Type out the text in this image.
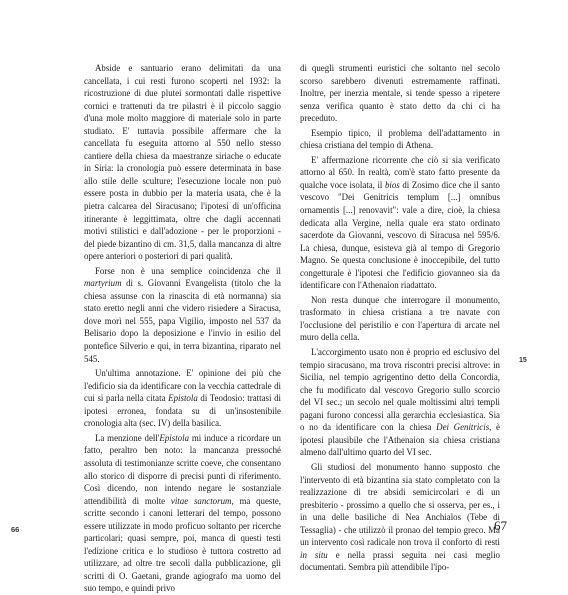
Abside e santuario erano delimitati da una cancellata, i cui resti furono scoperti nel 1932: la ricostruzione di due plutei sormontati dalle rispettive cornici e trattenuti da tre pilastri è il piccolo saggio d'una mole molto maggiore di materiale solo in parte studiato. E' tuttavia possibile affermare che la cancellata fu eseguita attorno al 550 nello stesso cantiere della chiesa da maestranze siriache o educate in Siria: la cronologia può essere determinata in base allo stile delle sculture; l'esecuzione locale non può essere posta in dubbio per la materia usata, che è la pietra calcarea del Siracusano; l'ipotesi di un'officina itinerante è leggittimata, oltre che dagli accennati motivi stilistici e dall'adozione - per le proporzioni - del piede bizantino di cm. 31,5, dalla mancanza di altre opere anteriori o posteriori di pari qualità.

Forse non è una semplice coincidenza che il martyrium di s. Giovanni Evangelista (titolo che la chiesa assunse con la rinascita di età normanna) sia stato eretto negli anni che videro risiedere a Siracusa, dove morì nel 555, papa Vigilio, imposto nel 537 da Belisario dopo la deposizione e l'invio in esilio del pontefice Silverio e qui, in terra bizantina, riparato nel 545.

Un'ultima annotazione. E' opinione dei più che l'edificio sia da identificare con la vecchia cattedrale di cui si parla nella citata Epistola di Teodosio: trattasi di ipotesi erronea, fondata su di un'insostenibile cronologia alta (sec. IV) della basilica.

La menzione dell'Epistola mi induce a ricordare un fatto, peraltro ben noto: la mancanza pressoché assoluta di testimonianze scritte coeve, che consentano allo storico di disporre di precisi punti di riferimento. Così dicendo, non intendo negare le sostanziale attendibilità di molte vitae sanctorum, ma queste, scritte secondo i canoni letterari del tempo, possono essere utilizzate in modo proficuo soltanto per ricerche particolari; quasi sempre, poi, manca di questi testi l'edizione critica e lo studioso è tuttora costretto ad utilizzare, ad oltre tre secoli dalla pubblicazione, gli scritti di O. Gaetani, grande agiografo ma uomo del suo tempo, e quindi privo

di quegli strumenti euristici che soltanto nel secolo scorso sarebbero divenuti estremamente raffinati. Inoltre, per inerzia mentale, si tende spesso a ripetere senza verifica quanto è stato detto da chi ci ha preceduto.

Esempio tipico, il problema dell'adattamento in chiesa cristiana del tempio di Athena.

E' affermazione ricorrente che ciò si sia verificato attorno al 650. In realtà, com'è stato fatto presente da qualche voce isolata, il bios di Zosimo dice che il santo vescovo "Dei Genitricis templum [...] omnibus ornamentis [...] renovavit": vale a dire, cioè, la chiesa dedicata alla Vergine, nella quale era stato ordinato sacerdote da Giovanni, vescovo di Siracusa nel 595/6. La chiesa, dunque, esisteva già al tempo di Gregorio Magno. Se questa conclusione è inoccepibile, del tutto congetturale è l'ipotesi che l'edificio giovanneo sia da identificare con l'Athenaion riadattato.

Non resta dunque che interrogare il monumento, trasformato in chiesa cristiana a tre navate con l'occlusione del peristilio e con l'apertura di arcate nel muro della cella.

L'accorgimento usato non è proprio ed esclusivo del tempio siracusano, ma trova riscontri precisi altrove: in Sicilia, nel tempio agrigentino detto della Concordia, che fu modificato dal vescovo Gregorio sullo scorcio del VI sec.; un secolo nel quale moltissimi altri templi pagani furono concessi alla gerarchia ecclesiastica. Sia o no da identificare con la chiesa Dei Genitricis, è ipotesi plausibile che l'Athenaion sia chiesa cristiana almeno dall'ultimo quarto del VI sec.

Gli studiosi del monumento hanno supposto che l'intervento di età bizantina sia stato completato con la realizzazione di tre absidi semicircolari e di un presbiterio - prossimo a quello che si osserva, per es., i in una delle basiliche di Nea Anchialos (Tebe di Tessaglia) - che utilizzò il pronao del tempio greco. Ma un intervento così radicale non trova il conforto di resti in situ e nella prassi seguita nei casi meglio documentati. Sembra più attendibile l'ipo-

15
66	67
